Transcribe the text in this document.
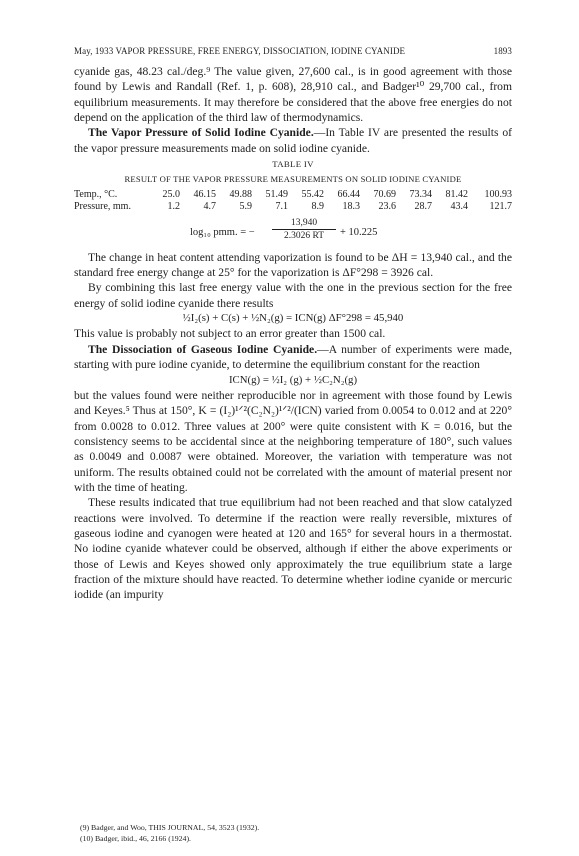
May, 1933 VAPOR PRESSURE, FREE ENERGY, DISSOCIATION, IODINE CYANIDE	1893

cyanide gas, 48.23 cal./deg.⁹ The value given, 27,600 cal., is in good agreement with those found by Lewis and Randall (Ref. 1, p. 608), 28,910 cal., and Badger¹⁰ 29,700 cal., from equilibrium measurements. It may therefore be considered that the above free energies do not depend on the application of the third law of thermodynamics.

The Vapor Pressure of Solid Iodine Cyanide.—In Table IV are presented the results of the vapor pressure measurements made on solid iodine cyanide.

TABLE IV
RESULT OF THE VAPOR PRESSURE MEASUREMENTS ON SOLID IODINE CYANIDE
Temp., °C.	25.0	46.15	49.88	51.49	55.42	66.44	70.69	73.34	81.42	100.93
Pressure, mm.	1.2	4.7	5.9	7.1	8.9	18.3	23.6	28.7	43.4	121.7
log₁₀ pmm. = − $\frac{13,940}{2.3026 RT} + 10.225$

The change in heat content attending vaporization is found to be ΔH = 13,940 cal., and the standard free energy change at 25° for the vaporization is ΔF°298 = 3926 cal.

By combining this last free energy value with the one in the previous section for the free energy of solid iodine cyanide there results

½I₂(s) + C(s) + ½N₂(g) = ICN(g) ΔF°298 = 45,940

This value is probably not subject to an error greater than 1500 cal.

The Dissociation of Gaseous Iodine Cyanide.—A number of experiments were made, starting with pure iodine cyanide, to determine the equilibrium constant for the reaction

ICN(g) = ½I₂ (g) + ½C₂N₂(g)

but the values found were neither reproducible nor in agreement with those found by Lewis and Keyes.⁵ Thus at 150°, K = (I₂)¹ᐟ²(C₂N₂)¹ᐟ²/(ICN) varied from 0.0054 to 0.012 and at 220° from 0.0028 to 0.012. Three values at 200° were quite consistent with K = 0.016, but the consistency seems to be accidental since at the neighboring temperature of 180°, such values as 0.0049 and 0.0087 were obtained. Moreover, the variation with temperature was not uniform. The results obtained could not be correlated with the amount of material present nor with the time of heating.

These results indicated that true equilibrium had not been reached and that slow catalyzed reactions were involved. To determine if the reaction were really reversible, mixtures of gaseous iodine and cyanogen were heated at 120 and 165° for several hours in a thermostat. No iodine cyanide whatever could be observed, although if either the above experiments or those of Lewis and Keyes showed only approximately the true equilibrium state a large fraction of the mixture should have reacted. To determine whether iodine cyanide or mercuric iodide (an impurity

(9) Badger, and Woo, THIS JOURNAL, 54, 3523 (1932).
(10) Badger, ibid., 46, 2166 (1924).
